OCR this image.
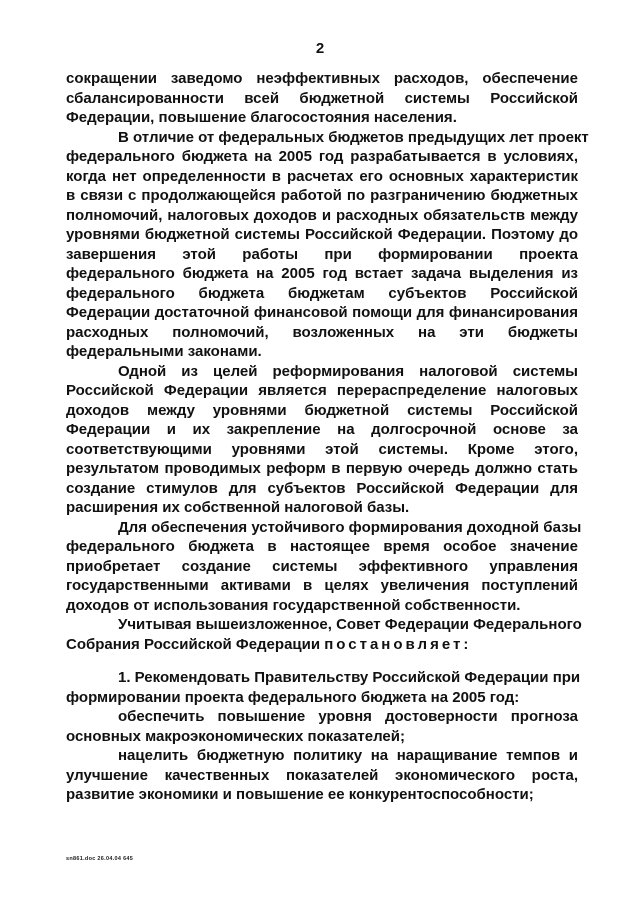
2
сокращении заведомо неэффективных расходов, обеспечение
сбалансированности всей бюджетной системы Российской
Федерации, повышение благосостояния населения.
В отличие от федеральных бюджетов предыдущих лет проект
федерального бюджета на 2005 год разрабатывается в условиях,
когда нет определенности в расчетах его основных характеристик
в связи с продолжающейся работой по разграничению бюджетных
полномочий, налоговых доходов и расходных обязательств между
уровнями бюджетной системы Российской Федерации. Поэтому до
завершения этой работы при формировании проекта
федерального бюджета на 2005 год встает задача выделения из
федерального бюджета бюджетам субъектов Российской
Федерации достаточной финансовой помощи для финансирования
расходных полномочий, возложенных на эти бюджеты
федеральными законами.
Одной из целей реформирования налоговой системы
Российской Федерации является перераспределение налоговых
доходов между уровнями бюджетной системы Российской
Федерации и их закрепление на долгосрочной основе за
соответствующими уровнями этой системы. Кроме этого,
результатом проводимых реформ в первую очередь должно стать
создание стимулов для субъектов Российской Федерации для
расширения их собственной налоговой базы.
Для обеспечения устойчивого формирования доходной базы
федерального бюджета в настоящее время особое значение
приобретает создание системы эффективного управления
государственными активами в целях увеличения поступлений
доходов от использования государственной собственности.
Учитывая вышеизложенное, Совет Федерации Федерального
Собрания Российской Федерации постановляет:
1. Рекомендовать Правительству Российской Федерации при
формировании проекта федерального бюджета на 2005 год:
обеспечить повышение уровня достоверности прогноза
основных макроэкономических показателей;
нацелить бюджетную политику на наращивание темпов и
улучшение качественных показателей экономического роста,
развитие экономики и повышение ее конкурентоспособности;
sn861.doc 26.04.04 645
